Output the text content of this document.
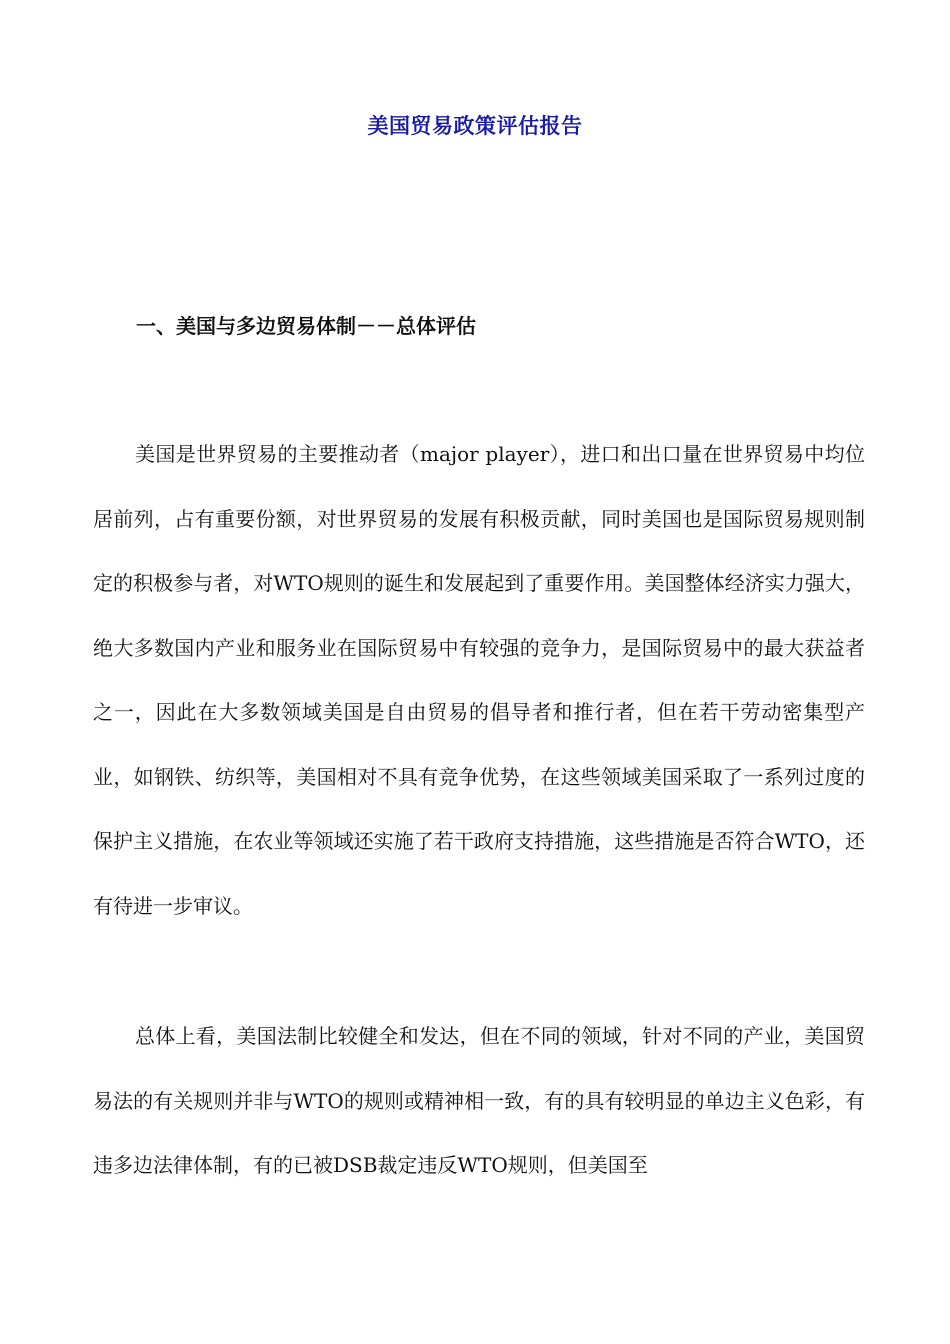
美国贸易政策评估报告
一、美国与多边贸易体制－－总体评估

美国是世界贸易的主要推动者（major player），进口和出口量在世界贸易中均位居前列，占有重要份额，对世界贸易的发展有积极贡献，同时美国也是国际贸易规则制定的积极参与者，对WTO规则的诞生和发展起到了重要作用。美国整体经济实力强大，绝大多数国内产业和服务业在国际贸易中有较强的竞争力，是国际贸易中的最大获益者之一，因此在大多数领域美国是自由贸易的倡导者和推行者，但在若干劳动密集型产业，如钢铁、纺织等，美国相对不具有竞争优势，在这些领域美国采取了一系列过度的保护主义措施，在农业等领域还实施了若干政府支持措施，这些措施是否符合WTO，还有待进一步审议。

总体上看，美国法制比较健全和发达，但在不同的领域，针对不同的产业，美国贸易法的有关规则并非与WTO的规则或精神相一致，有的具有较明显的单边主义色彩，有违多边法律体制，有的已被DSB裁定违反WTO规则，但美国至
